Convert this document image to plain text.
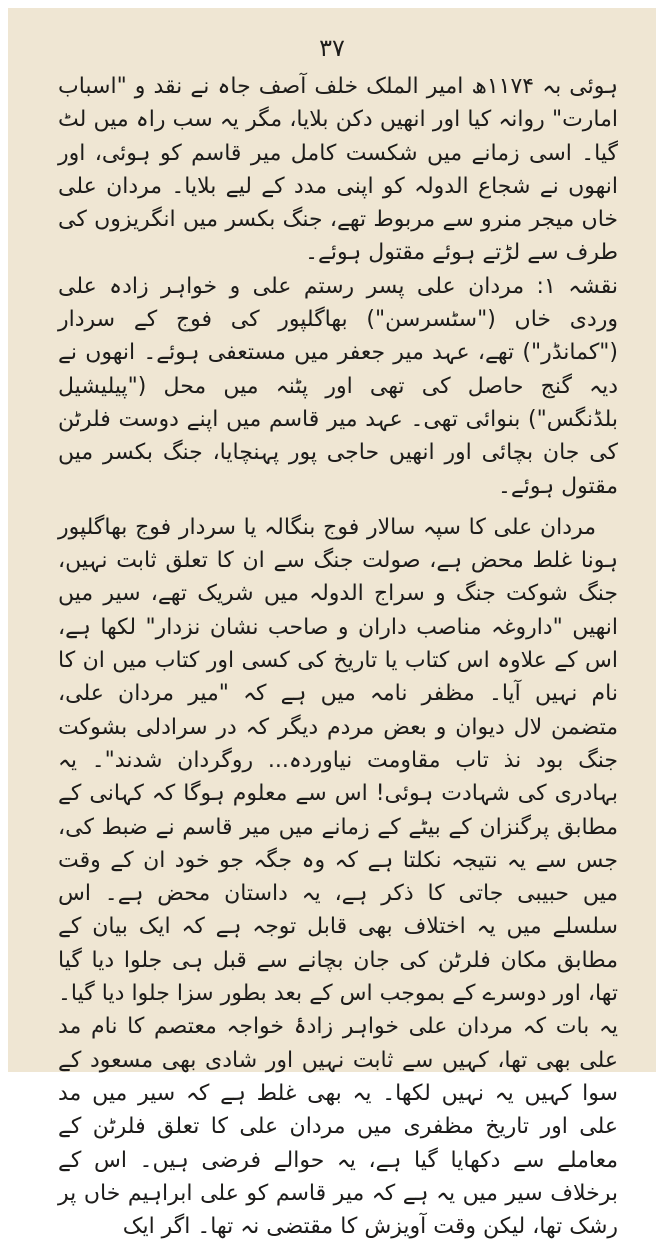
۳۷

ہوئی بہ ۱۱۷۴ھ امیر الملک خلف آصف جاہ نے نقد و "اسباب امارت" روانہ کیا اور انھیں دکن بلایا، مگر یہ سب راہ میں لٹ گیا۔ اسی زمانے میں شکست کامل میر قاسم کو ہوئی، اور انھوں نے شجاع الدولہ کو اپنی مدد کے لیے بلایا۔ مردان علی خاں میجر منرو سے مربوط تھے، جنگ بکسر میں انگریزوں کی طرف سے لڑتے ہوئے مقتول ہوئے۔

نقشہ ۱: مردان علی پسر رستم علی و خواہر زادہ علی وردی خاں ("سٹسرسن") بھاگلپور کی فوج کے سردار ("کمانڈر") تھے، عہد میر جعفر میں مستعفی ہوئے۔ انھوں نے دیہ گنج حاصل کی تھی اور پٹنہ میں محل ("پیلیشیل بلڈنگس") بنوائی تھی۔ عہد میر قاسم میں اپنے دوست فلرٹن کی جان بچائی اور انھیں حاجی پور پہنچایا، جنگ بکسر میں مقتول ہوئے۔

مردان علی کا سپہ سالار فوج بنگالہ یا سردار فوج بھاگلپور ہونا غلط محض ہے، صولت جنگ سے ان کا تعلق ثابت نہیں، جنگ شوکت جنگ و سراج الدولہ میں شریک تھے، سیر میں انھیں "داروغہ مناصب داران و صاحب نشان نزدار" لکھا ہے، اس کے علاوہ اس کتاب یا تاریخ کی کسی اور کتاب میں ان کا نام نہیں آیا۔ مظفر نامہ میں ہے کہ "میر مردان علی، متضمن لال دیوان و بعض مردم دیگر کہ در سرادلی بشوکت جنگ بود نذ تاب مقاومت نیاوردہ... روگردان شدند"۔ یہ بہادری کی شہادت ہوئی! اس سے معلوم ہوگا کہ کہانی کے مطابق پرگنزان کے بیٹے کے زمانے میں میر قاسم نے ضبط کی، جس سے یہ نتیجہ نکلتا ہے کہ وہ جگہ جو خود ان کے وقت میں حبیبی جاتی کا ذکر ہے، یہ داستان محض ہے۔ اس سلسلے میں یہ اختلاف بھی قابل توجہ ہے کہ ایک بیان کے مطابق مکان فلرٹن کی جان بچانے سے قبل ہی جلوا دیا گیا تھا، اور دوسرے کے بموجب اس کے بعد بطور سزا جلوا دیا گیا۔ یہ بات کہ مردان علی خواہر زادۂ خواجہ معتصم کا نام مد علی بھی تھا، کہیں سے ثابت نہیں اور شادی بھی مسعود کے سوا کہیں یہ نہیں لکھا۔ یہ بھی غلط ہے کہ سیر میں مد علی اور تاریخ مظفری میں مردان علی کا تعلق فلرٹن کے معاملے سے دکھایا گیا ہے، یہ حوالے فرضی ہیں۔ اس کے برخلاف سیر میں یہ ہے کہ میر قاسم کو علی ابراہیم خاں پر رشک تھا، لیکن وقت آویزش کا مقتضی نہ تھا۔ اگر ایک
